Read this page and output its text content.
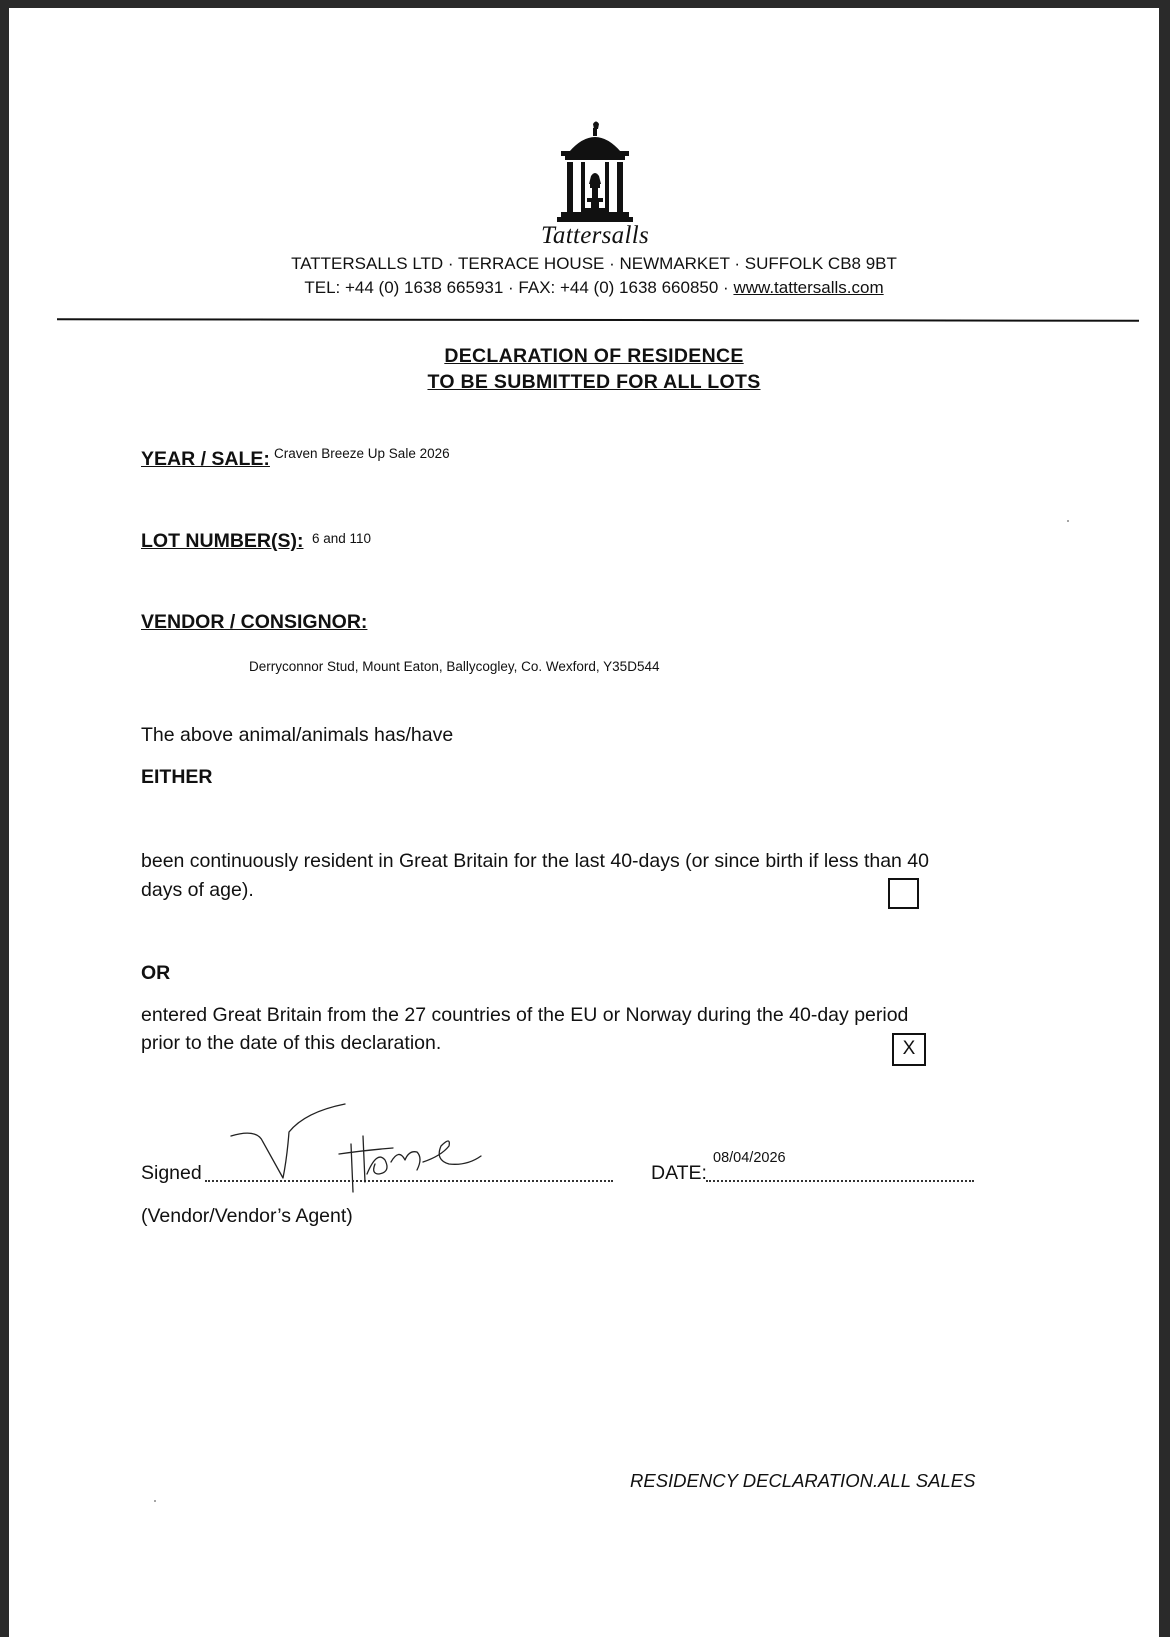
Tattersalls
TATTERSALLS LTD · TERRACE HOUSE · NEWMARKET · SUFFOLK CB8 9BT
TEL: +44 (0) 1638 665931 · FAX: +44 (0) 1638 660850 · www.tattersalls.com
DECLARATION OF RESIDENCE
TO BE SUBMITTED FOR ALL LOTS
YEAR / SALE: Craven Breeze Up Sale 2026
LOT NUMBER(S): 6 and 110
VENDOR / CONSIGNOR:
Derryconnor Stud, Mount Eaton, Ballycogley, Co. Wexford, Y35D544
The above animal/animals has/have
EITHER
been continuously resident in Great Britain for the last 40-days (or since birth if less than 40
days of age).
OR
entered Great Britain from the 27 countries of the EU or Norway during the 40-day period
prior to the date of this declaration.	X
Signed	DATE:
08/04/2026
(Vendor/Vendor’s Agent)
RESIDENCY DECLARATION.ALL SALES
